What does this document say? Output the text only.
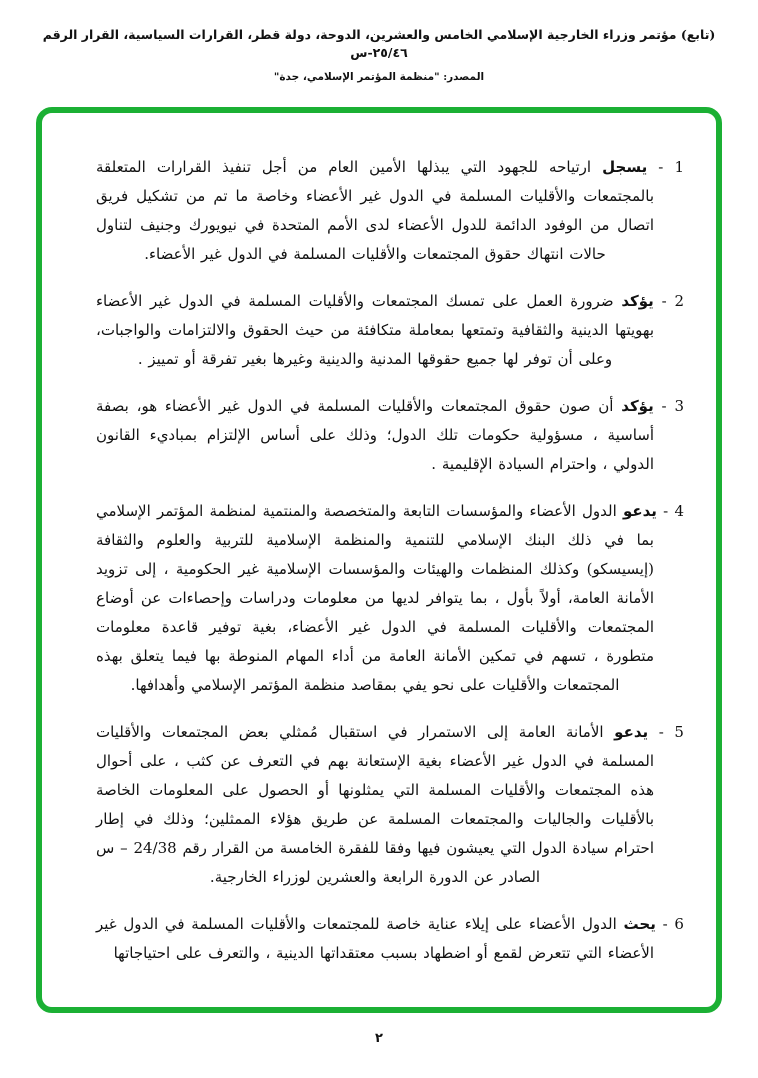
(تابع) مؤتمر وزراء الخارجية الإسلامي الخامس والعشرين، الدوحة، دولة قطر، القرارات السياسية، القرار الرقم ٢٥/٤٦-س
المصدر: "منظمة المؤتمر الإسلامي، جدة"

1 - يسجل ارتياحه للجهود التي يبذلها الأمين العام من أجل تنفيذ القرارات المتعلقة بالمجتمعات والأقليات المسلمة في الدول غير الأعضاء وخاصة ما تم من تشكيل فريق اتصال من الوفود الدائمة للدول الأعضاء لدى الأمم المتحدة في نيويورك وجنيف لتناول حالات انتهاك حقوق المجتمعات والأقليات المسلمة في الدول غير الأعضاء.

2 - يؤكد ضرورة العمل على تمسك المجتمعات والأقليات المسلمة في الدول غير الأعضاء بهويتها الدينية والثقافية وتمتعها بمعاملة متكافئة من حيث الحقوق والالتزامات والواجبات، وعلى أن توفر لها جميع حقوقها المدنية والدينية وغيرها بغير تفرقة أو تمييز .

3 - يؤكد أن صون حقوق المجتمعات والأقليات المسلمة في الدول غير الأعضاء هو، بصفة أساسية ، مسؤولية حكومات تلك الدول؛ وذلك على أساس الإلتزام بمباديء القانون الدولي ، واحترام السيادة الإقليمية .

4 - يدعو الدول الأعضاء والمؤسسات التابعة والمتخصصة والمنتمية لمنظمة المؤتمر الإسلامي بما في ذلك البنك الإسلامي للتنمية والمنظمة الإسلامية للتربية والعلوم والثقافة (إيسيسكو) وكذلك المنظمات والهيئات والمؤسسات الإسلامية غير الحكومية ، إلى تزويد الأمانة العامة، أولاً بأول ، بما يتوافر لديها من معلومات ودراسات وإحصاءات عن أوضاع المجتمعات والأقليات المسلمة في الدول غير الأعضاء، بغية توفير قاعدة معلومات متطورة ، تسهم في تمكين الأمانة العامة من أداء المهام المنوطة بها فيما يتعلق بهذه المجتمعات والأقليات على نحو يفي بمقاصد منظمة المؤتمر الإسلامي وأهدافها.

5 - يدعو الأمانة العامة إلى الاستمرار في استقبال مُمثلي بعض المجتمعات والأقليات المسلمة في الدول غير الأعضاء بغية الإستعانة بهم في التعرف عن كثب ، على أحوال هذه المجتمعات والأقليات المسلمة التي يمثلونها أو الحصول على المعلومات الخاصة بالأقليات والجاليات والمجتمعات المسلمة عن طريق هؤلاء الممثلين؛ وذلك في إطار احترام سيادة الدول التي يعيشون فيها وفقا للفقرة الخامسة من القرار رقم 24/38 – س الصادر عن الدورة الرابعة والعشرين لوزراء الخارجية.

6 - يحث الدول الأعضاء على إيلاء عناية خاصة للمجتمعات والأقليات المسلمة في الدول غير الأعضاء التي تتعرض لقمع أو اضطهاد بسبب معتقداتها الدينية ، والتعرف على احتياجاتها

٢
